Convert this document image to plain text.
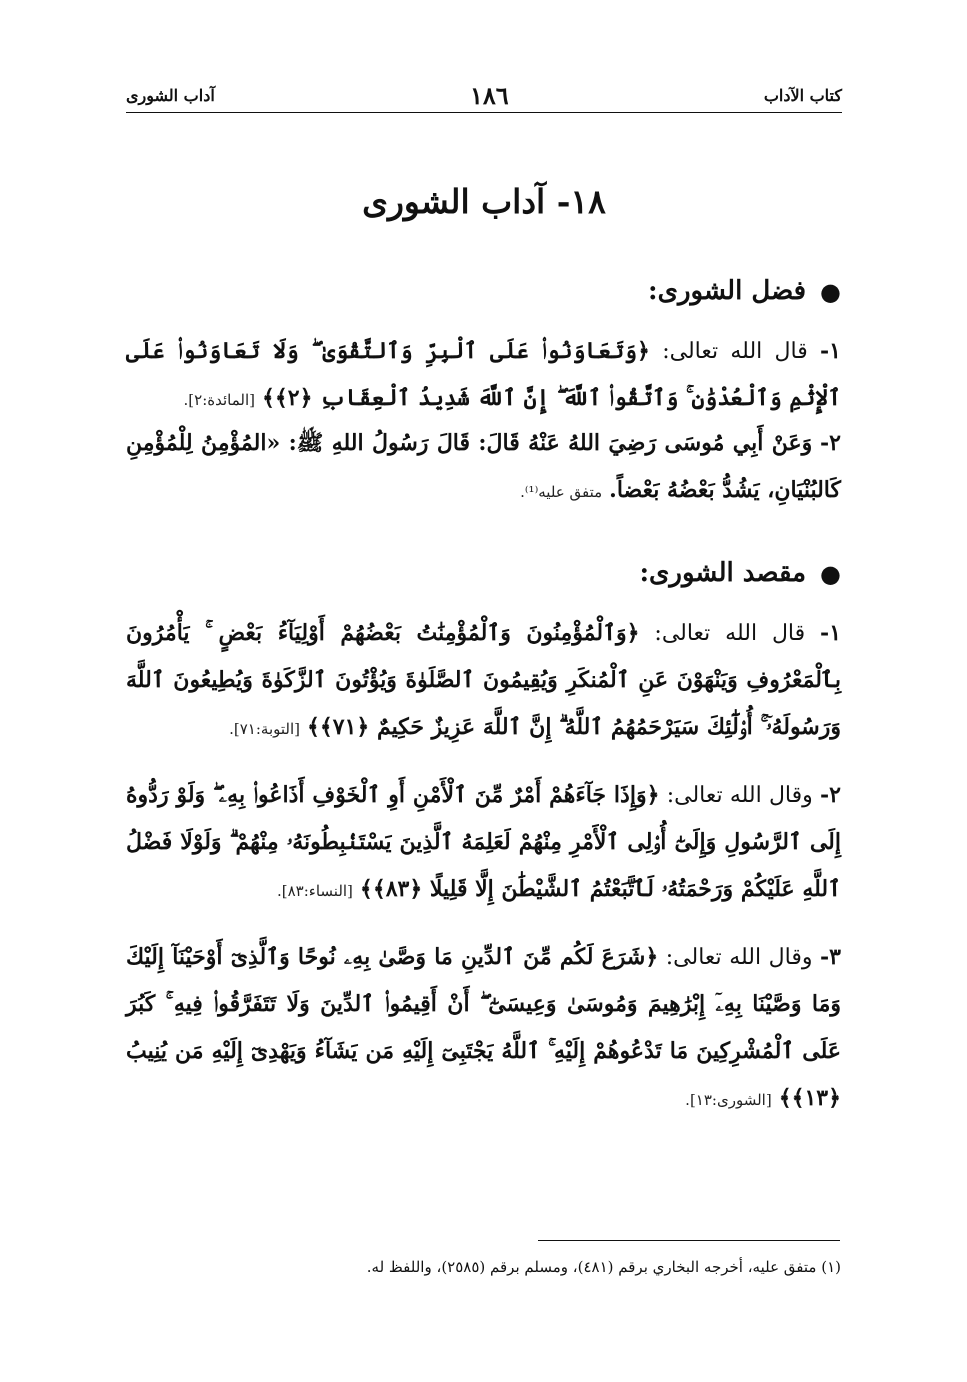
كتاب الآداب
١٨٦
آداب الشورى
١٨- آداب الشورى
●
فضل الشورى:
١- قال الله تعالى: ﴿وَتَعَاوَنُوا۟ عَلَى ٱلْبِرِّ وَٱلتَّقْوَىٰ ۖ وَلَا تَعَاوَنُوا۟ عَلَى ٱلْإِثْمِ وَٱلْعُدْوَٰنِ ۚ وَٱتَّقُوا۟ ٱللَّهَ ۖ إِنَّ ٱللَّهَ شَدِيدُ ٱلْعِقَابِ ﴿٢﴾﴾ [المائدة:٢].
٢- وَعَنْ أَبِي مُوسَى رَضِيَ اللهُ عَنْهُ قَالَ: قَالَ رَسُولُ اللهِ ﷺ: «المُؤْمِنُ لِلْمُؤْمِنِ كَالبُنْيَانِ، يَشُدُّ بَعْضُهُ بَعْضاً. متفق عليه⁽¹⁾.
●
مقصد الشورى:
١- قال الله تعالى: ﴿وَٱلْمُؤْمِنُونَ وَٱلْمُؤْمِنَٰتُ بَعْضُهُمْ أَوْلِيَآءُ بَعْضٍ ۚ يَأْمُرُونَ بِٱلْمَعْرُوفِ وَيَنْهَوْنَ عَنِ ٱلْمُنكَرِ وَيُقِيمُونَ ٱلصَّلَوٰةَ وَيُؤْتُونَ ٱلزَّكَوٰةَ وَيُطِيعُونَ ٱللَّهَ وَرَسُولَهُۥٓ ۚ أُو۟لَٰٓئِكَ سَيَرْحَمُهُمُ ٱللَّهُ ۗ إِنَّ ٱللَّهَ عَزِيزٌ حَكِيمٌ ﴿٧١﴾﴾ [التوبة:٧١].
٢- وقال الله تعالى: ﴿وَإِذَا جَآءَهُمْ أَمْرٌ مِّنَ ٱلْأَمْنِ أَوِ ٱلْخَوْفِ أَذَاعُوا۟ بِهِۦ ۖ وَلَوْ رَدُّوهُ إِلَى ٱلرَّسُولِ وَإِلَىٰٓ أُو۟لِى ٱلْأَمْرِ مِنْهُمْ لَعَلِمَهُ ٱلَّذِينَ يَسْتَنۢبِطُونَهُۥ مِنْهُمْ ۗ وَلَوْلَا فَضْلُ ٱللَّهِ عَلَيْكُمْ وَرَحْمَتُهُۥ لَٱتَّبَعْتُمُ ٱلشَّيْطَٰنَ إِلَّا قَلِيلًا ﴿٨٣﴾﴾ [النساء:٨٣].
٣- وقال الله تعالى: ﴿شَرَعَ لَكُم مِّنَ ٱلدِّينِ مَا وَصَّىٰ بِهِۦ نُوحًا وَٱلَّذِىٓ أَوْحَيْنَآ إِلَيْكَ وَمَا وَصَّيْنَا بِهِۦٓ إِبْرَٰهِيمَ وَمُوسَىٰ وَعِيسَىٰٓ ۖ أَنْ أَقِيمُوا۟ ٱلدِّينَ وَلَا تَتَفَرَّقُوا۟ فِيهِ ۚ كَبُرَ عَلَى ٱلْمُشْرِكِينَ مَا تَدْعُوهُمْ إِلَيْهِ ۚ ٱللَّهُ يَجْتَبِىٓ إِلَيْهِ مَن يَشَآءُ وَيَهْدِىٓ إِلَيْهِ مَن يُنِيبُ ﴿١٣﴾﴾ [الشورى:١٣].
(١) متفق عليه، أخرجه البخاري برقم (٤٨١)، ومسلم برقم (٢٥٨٥)، واللفظ له.
